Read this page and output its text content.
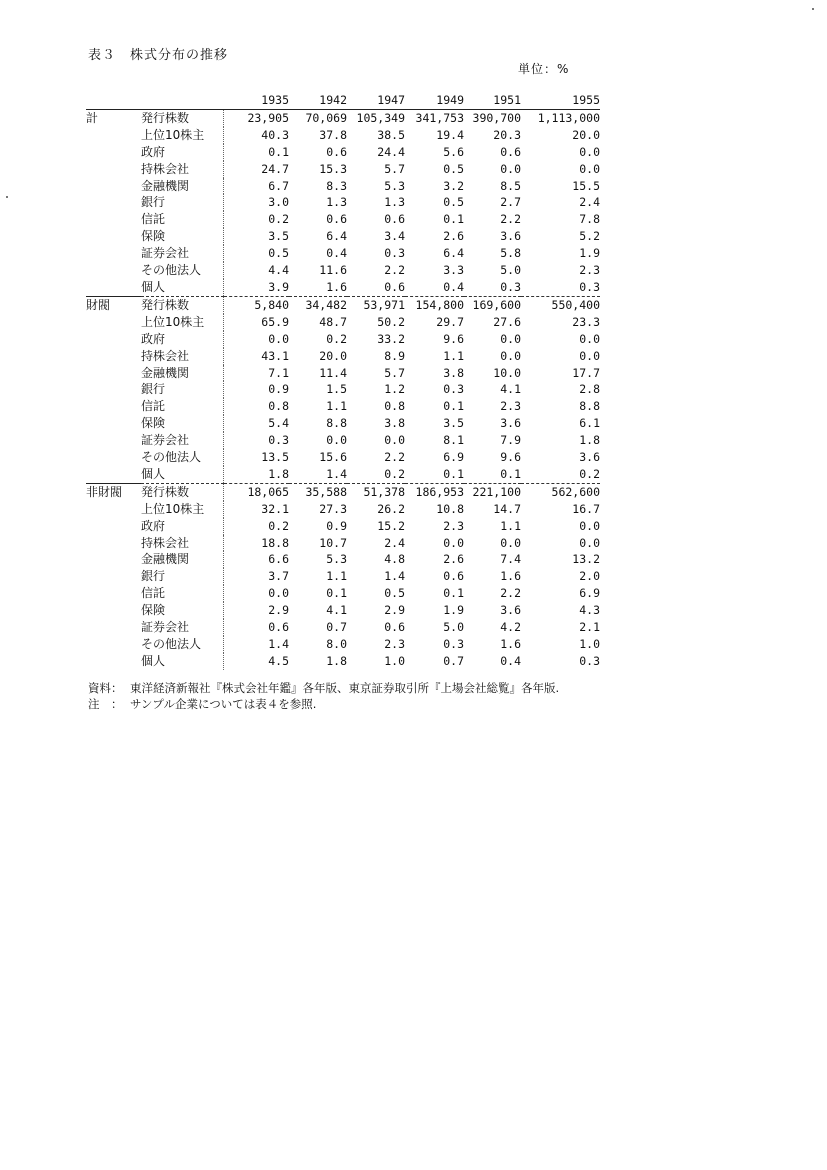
表３　株式分布の推移
単位：%
		1935	1942	1947	1949	1951	1955
計	発行株数	23,905	70,069	105,349	341,753	390,700	1,113,000
	上位10株主	40.3	37.8	38.5	19.4	20.3	20.0
	政府	0.1	0.6	24.4	5.6	0.6	0.0
	持株会社	24.7	15.3	5.7	0.5	0.0	0.0
	金融機関	6.7	8.3	5.3	3.2	8.5	15.5
	銀行	3.0	1.3	1.3	0.5	2.7	2.4
	信託	0.2	0.6	0.6	0.1	2.2	7.8
	保険	3.5	6.4	3.4	2.6	3.6	5.2
	証券会社	0.5	0.4	0.3	6.4	5.8	1.9
	その他法人	4.4	11.6	2.2	3.3	5.0	2.3
	個人	3.9	1.6	0.6	0.4	0.3	0.3
財閥	発行株数	5,840	34,482	53,971	154,800	169,600	550,400
	上位10株主	65.9	48.7	50.2	29.7	27.6	23.3
	政府	0.0	0.2	33.2	9.6	0.0	0.0
	持株会社	43.1	20.0	8.9	1.1	0.0	0.0
	金融機関	7.1	11.4	5.7	3.8	10.0	17.7
	銀行	0.9	1.5	1.2	0.3	4.1	2.8
	信託	0.8	1.1	0.8	0.1	2.3	8.8
	保険	5.4	8.8	3.8	3.5	3.6	6.1
	証券会社	0.3	0.0	0.0	8.1	7.9	1.8
	その他法人	13.5	15.6	2.2	6.9	9.6	3.6
	個人	1.8	1.4	0.2	0.1	0.1	0.2
非財閥	発行株数	18,065	35,588	51,378	186,953	221,100	562,600
	上位10株主	32.1	27.3	26.2	10.8	14.7	16.7
	政府	0.2	0.9	15.2	2.3	1.1	0.0
	持株会社	18.8	10.7	2.4	0.0	0.0	0.0
	金融機関	6.6	5.3	4.8	2.6	7.4	13.2
	銀行	3.7	1.1	1.4	0.6	1.6	2.0
	信託	0.0	0.1	0.5	0.1	2.2	6.9
	保険	2.9	4.1	2.9	1.9	3.6	4.3
	証券会社	0.6	0.7	0.6	5.0	4.2	2.1
	その他法人	1.4	8.0	2.3	0.3	1.6	1.0
	個人	4.5	1.8	1.0	0.7	0.4	0.3
資料： 東洋経済新報社『株式会社年鑑』各年版、東京証券取引所『上場会社総覧』各年版.
注　： サンプル企業については表４を参照.
